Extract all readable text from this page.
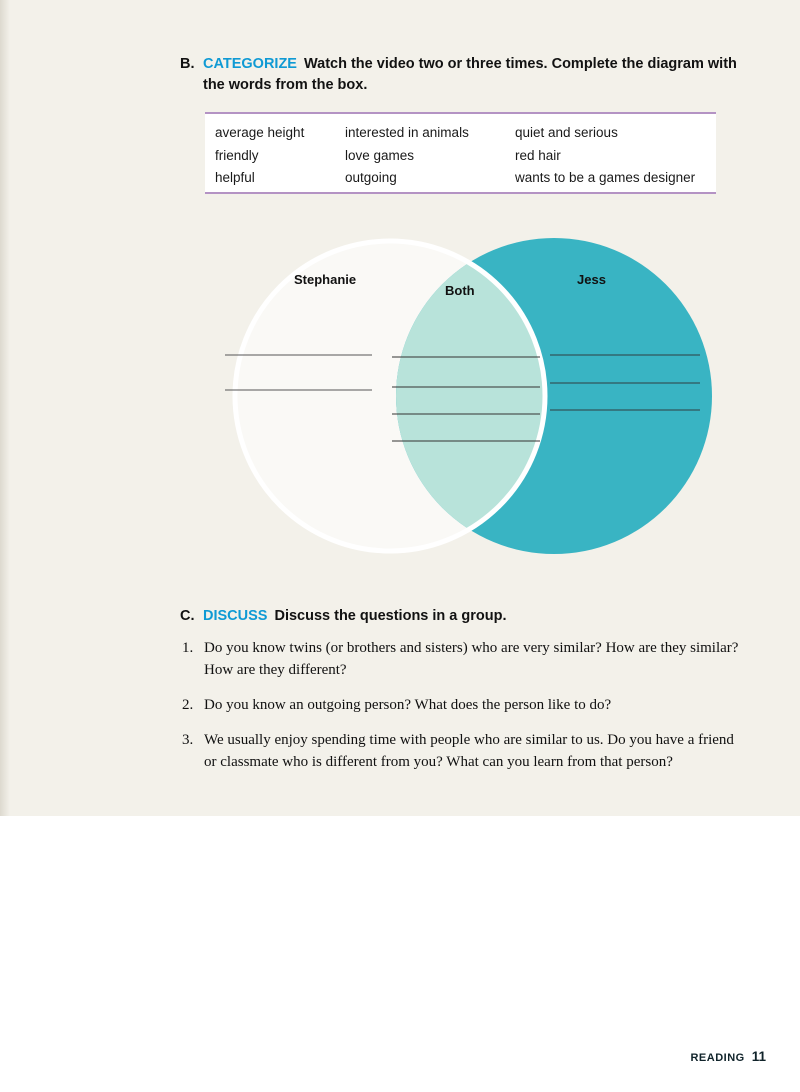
B. CATEGORIZE Watch the video two or three times. Complete the diagram with the words from the box.
average height
friendly
helpful
interested in animals
love games
outgoing
quiet and serious
red hair
wants to be a games designer
Stephanie
Both
Jess
C. DISCUSS Discuss the questions in a group.
1. Do you know twins (or brothers and sisters) who are very similar? How are they similar? How are they different?
2. Do you know an outgoing person? What does the person like to do?
3. We usually enjoy spending time with people who are similar to us. Do you have a friend or classmate who is different from you? What can you learn from that person?
READING 11
